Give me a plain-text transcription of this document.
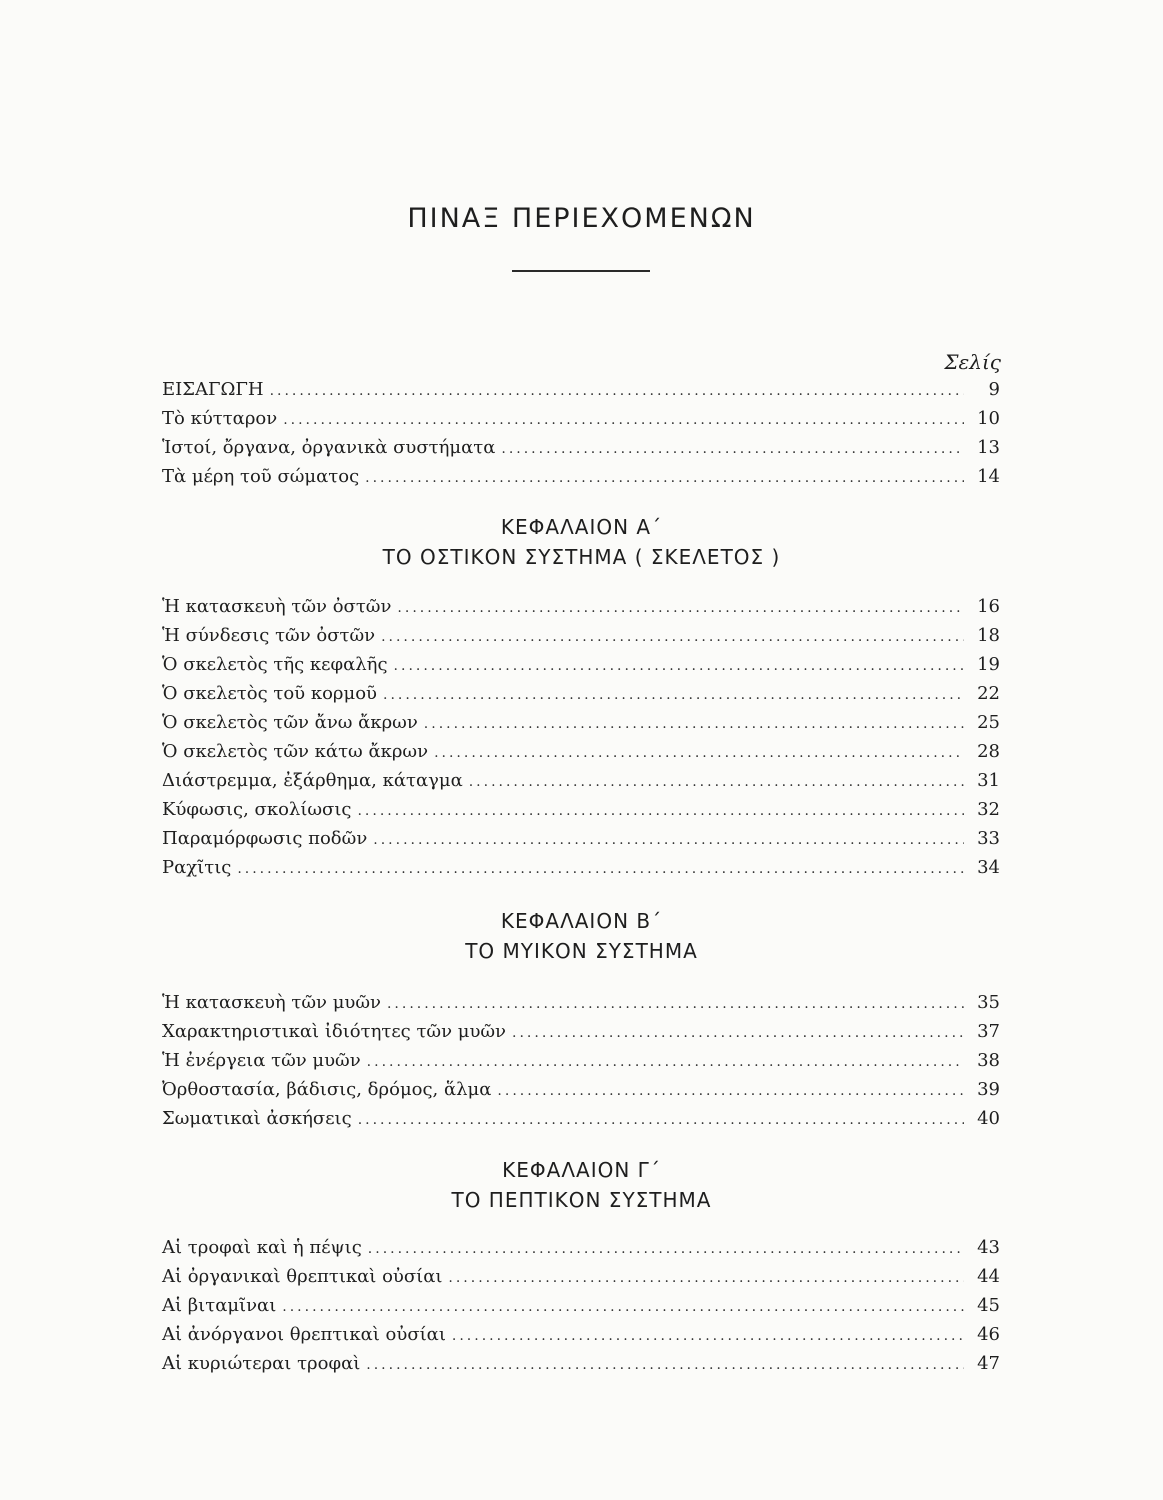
ΠΙΝΑΞ ΠΕΡΙΕΧΟΜΕΝΩΝ
Σελίς
ΕΙΣΑΓΩΓΗ .....	9
Τὸ κύτταρον .....	10
Ἱστοί, ὄργανα, ὀργανικὰ συστήματα .....	13
Τὰ μέρη τοῦ σώματος .....	14
ΚΕΦΑΛΑΙΟΝ Α΄
ΤΟ ΟΣΤΙΚΟΝ ΣΥΣΤΗΜΑ ( ΣΚΕΛΕΤΟΣ )
Ἡ κατασκευὴ τῶν ὀστῶν .....	16
Ἡ σύνδεσις τῶν ὀστῶν .....	18
Ὁ σκελετὸς τῆς κεφαλῆς .....	19
Ὁ σκελετὸς τοῦ κορμοῦ .....	22
Ὁ σκελετὸς τῶν ἄνω ἄκρων .....	25
Ὁ σκελετὸς τῶν κάτω ἄκρων .....	28
Διάστρεμμα, ἐξάρθημα, κάταγμα .....	31
Κύφωσις, σκολίωσις .....	32
Παραμόρφωσις ποδῶν .....	33
Ραχῖτις .....	34
ΚΕΦΑΛΑΙΟΝ Β΄
ΤΟ ΜΥΙΚΟΝ ΣΥΣΤΗΜΑ
Ἡ κατασκευὴ τῶν μυῶν .....	35
Χαρακτηριστικαὶ ἰδιότητες τῶν μυῶν .....	37
Ἡ ἐνέργεια τῶν μυῶν .....	38
Ὀρθοστασία, βάδισις, δρόμος, ἅλμα .....	39
Σωματικαὶ ἀσκήσεις .....	40
ΚΕΦΑΛΑΙΟΝ Γ΄
ΤΟ ΠΕΠΤΙΚΟΝ ΣΥΣΤΗΜΑ
Αἱ τροφαὶ καὶ ἡ πέψις .....	43
Αἱ ὀργανικαὶ θρεπτικαὶ οὐσίαι .....	44
Αἱ βιταμῖναι .....	45
Αἱ ἀνόργανοι θρεπτικαὶ οὐσίαι .....	46
Αἱ κυριώτεραι τροφαὶ .....	47
